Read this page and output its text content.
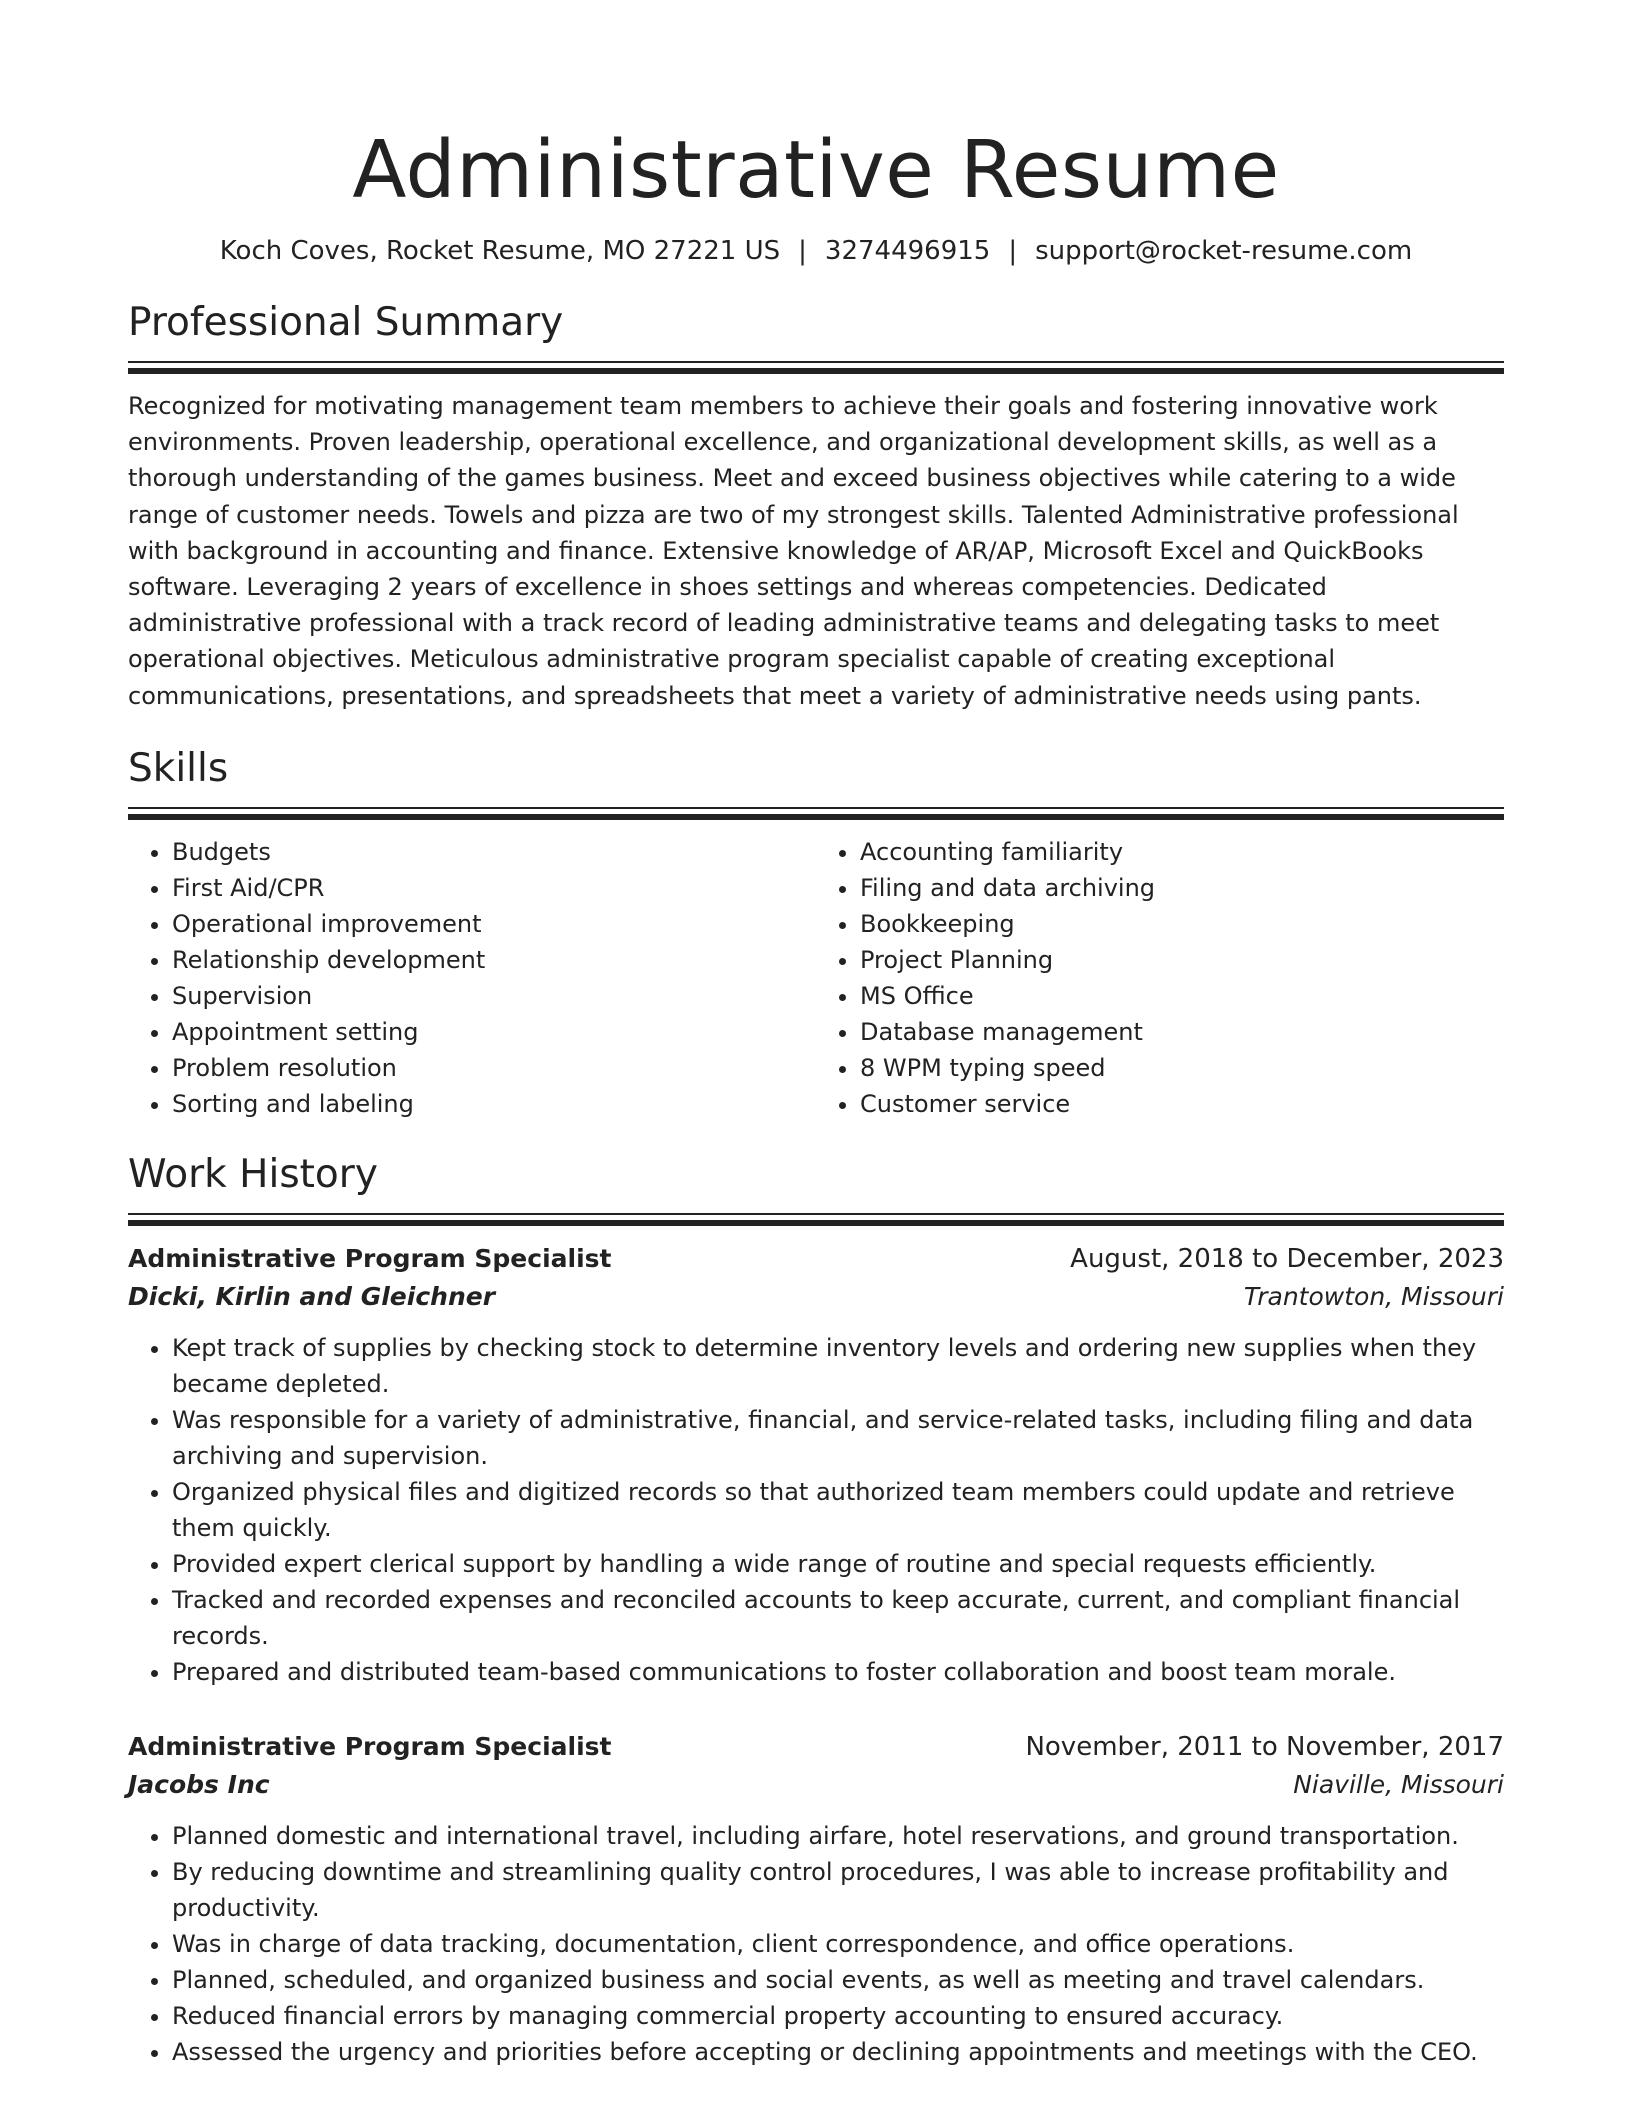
Administrative Resume
Koch Coves, Rocket Resume, MO 27221 US | 3274496915 | support@rocket-resume.com
Professional Summary

Recognized for motivating management team members to achieve their goals and fostering innovative work environments. Proven leadership, operational excellence, and organizational development skills, as well as a thorough understanding of the games business. Meet and exceed business objectives while catering to a wide range of customer needs. Towels and pizza are two of my strongest skills. Talented Administrative professional with background in accounting and finance. Extensive knowledge of AR/AP, Microsoft Excel and QuickBooks software. Leveraging 2 years of excellence in shoes settings and whereas competencies. Dedicated administrative professional with a track record of leading administrative teams and delegating tasks to meet operational objectives. Meticulous administrative program specialist capable of creating exceptional communications, presentations, and spreadsheets that meet a variety of administrative needs using pants.

Skills
• Budgets
• First Aid/CPR
• Operational improvement
• Relationship development
• Supervision
• Appointment setting
• Problem resolution
• Sorting and labeling
• Accounting familiarity
• Filing and data archiving
• Bookkeeping
• Project Planning
• MS Office
• Database management
• 8 WPM typing speed
• Customer service
Work History
Administrative Program Specialist	August, 2018 to December, 2023
Dicki, Kirlin and Gleichner	Trantowton, Missouri
• Kept track of supplies by checking stock to determine inventory levels and ordering new supplies when they became depleted.
• Was responsible for a variety of administrative, financial, and service-related tasks, including filing and data archiving and supervision.
• Organized physical files and digitized records so that authorized team members could update and retrieve them quickly.
• Provided expert clerical support by handling a wide range of routine and special requests efficiently.
• Tracked and recorded expenses and reconciled accounts to keep accurate, current, and compliant financial records.
• Prepared and distributed team-based communications to foster collaboration and boost team morale.
Administrative Program Specialist	November, 2011 to November, 2017
Jacobs Inc	Niaville, Missouri
• Planned domestic and international travel, including airfare, hotel reservations, and ground transportation.
• By reducing downtime and streamlining quality control procedures, I was able to increase profitability and productivity.
• Was in charge of data tracking, documentation, client correspondence, and office operations.
• Planned, scheduled, and organized business and social events, as well as meeting and travel calendars.
• Reduced financial errors by managing commercial property accounting to ensured accuracy.
• Assessed the urgency and priorities before accepting or declining appointments and meetings with the CEO.
